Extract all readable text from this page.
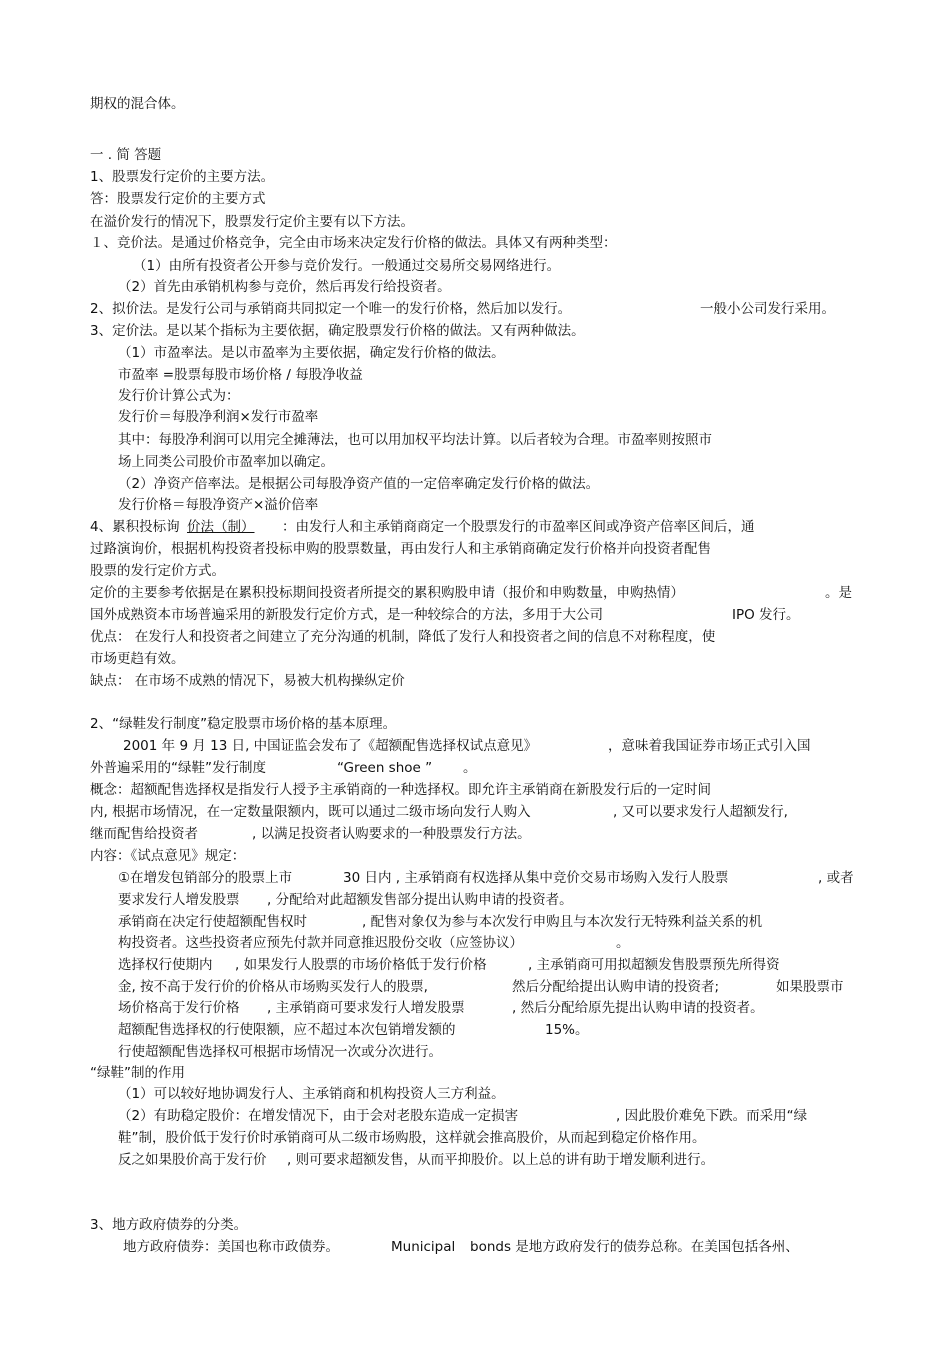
期权的混合体。
一 . 简 答题
1、股票发行定价的主要方法。
答：股票发行定价的主要方式
在溢价发行的情况下，股票发行定价主要有以下方法。
１、竞价法。是通过价格竞争，完全由市场来决定发行价格的做法。具体又有两种类型：
（1）由所有投资者公开参与竞价发行。一般通过交易所交易网络进行。
（2）首先由承销机构参与竞价，然后再发行给投资者。
2、拟价法。是发行公司与承销商共同拟定一个唯一的发行价格，然后加以发行。	一般小公司发行采用。
3、定价法。是以某个指标为主要依据，确定股票发行价格的做法。又有两种做法。
（1）市盈率法。是以市盈率为主要依据，确定发行价格的做法。
市盈率 =股票每股市场价格 / 每股净收益
发行价计算公式为：
发行价＝每股净利润×发行市盈率
其中：每股净利润可以用完全摊薄法，也可以用加权平均法计算。以后者较为合理。市盈率则按照市
场上同类公司股价市盈率加以确定。
（2）净资产倍率法。是根据公司每股净资产值的一定倍率确定发行价格的做法。
发行价格＝每股净资产×溢价倍率
4、累积投标询 价法（制） ：由发行人和主承销商商定一个股票发行的市盈率区间或净资产倍率区间后，通
过路演询价，根据机构投资者投标申购的股票数量，再由发行人和主承销商确定发行价格并向投资者配售
股票的发行定价方式。
定价的主要参考依据是在累积投标期间投资者所提交的累积购股申请（报价和申购数量，申购热情）	。是
国外成熟资本市场普遍采用的新股发行定价方式，是一种较综合的方法，多用于大公司	IPO 发行。
优点： 在发行人和投资者之间建立了充分沟通的机制，降低了发行人和投资者之间的信息不对称程度，使
市场更趋有效。
缺点： 在市场不成熟的情况下，易被大机构操纵定价
2、“绿鞋发行制度”稳定股票市场价格的基本原理。
2001 年 9 月 13 日, 中国证监会发布了《超额配售选择权试点意见》	，意味着我国证券市场正式引入国
外普遍采用的“绿鞋”发行制度	“Green shoe ” 。
概念：超额配售选择权是指发行人授予主承销商的一种选择权。即允许主承销商在新股发行后的一定时间
内, 根据市场情况，在一定数量限额内，既可以通过二级市场向发行人购入	, 又可以要求发行人超额发行,
继而配售给投资者	, 以满足投资者认购要求的一种股票发行方法。
内容：《试点意见》规定：
①在增发包销部分的股票上市	30 日内 , 主承销商有权选择从集中竞价交易市场购入发行人股票	, 或者
要求发行人增发股票 , 分配给对此超额发售部分提出认购申请的投资者。
承销商在决定行使超额配售权时	, 配售对象仅为参与本次发行申购且与本次发行无特殊利益关系的机
构投资者。这些投资者应预先付款并同意推迟股份交收（应签协议）	。
选择权行使期内 , 如果发行人股票的市场价格低于发行价格	, 主承销商可用拟超额发售股票预先所得资
金, 按不高于发行价的价格从市场购买发行人的股票,	然后分配给提出认购申请的投资者;	如果股票市
场价格高于发行价格 , 主承销商可要求发行人增发股票	, 然后分配给原先提出认购申请的投资者。
超额配售选择权的行使限额，应不超过本次包销增发额的	15%。
行使超额配售选择权可根据市场情况一次或分次进行。
“绿鞋”制的作用
（1）可以较好地协调发行人、主承销商和机构投资人三方利益。
（2）有助稳定股价：在增发情况下，由于会对老股东造成一定损害	, 因此股价难免下跌。而采用“绿
鞋”制，股价低于发行价时承销商可从二级市场购股，这样就会推高股价，从而起到稳定价格作用。
反之如果股价高于发行价 , 则可要求超额发售，从而平抑股价。以上总的讲有助于增发顺利进行。
3、地方政府债券的分类。
地方政府债券：美国也称市政债券。	Municipal bonds 是地方政府发行的债券总称。在美国包括各州、
